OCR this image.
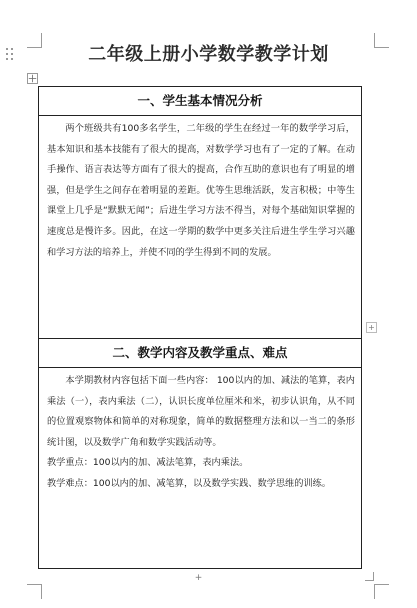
二年级上册小学数学教学计划
一、学生基本情况分析

两个班级共有100多名学生，二年级的学生在经过一年的数学学习后，基本知识和基本技能有了很大的提高，对数学学习也有了一定的了解。在动手操作、语言表达等方面有了很大的提高，合作互助的意识也有了明显的增强，但是学生之间存在着明显的差距。优等生思维活跃，发言积极；中等生课堂上几乎是“默默无闻”；后进生学习方法不得当，对每个基础知识掌握的速度总是慢许多。因此，在这一学期的数学中更多关注后进生学生学习兴趣和学习方法的培养上，并使不同的学生得到不同的发展。

二、教学内容及教学重点、难点

本学期教材内容包括下面一些内容： 100以内的加、减法的笔算，表内乘法（一），表内乘法（二），认识长度单位厘米和米，初步认识角，从不同的位置观察物体和简单的对称现象，简单的数据整理方法和以一当二的条形统计图，以及数学广角和数学实践活动等。

教学重点：100以内的加、减法笔算，表内乘法。

教学难点：100以内的加、减笔算，以及数学实践、数学思维的训练。

+
+
